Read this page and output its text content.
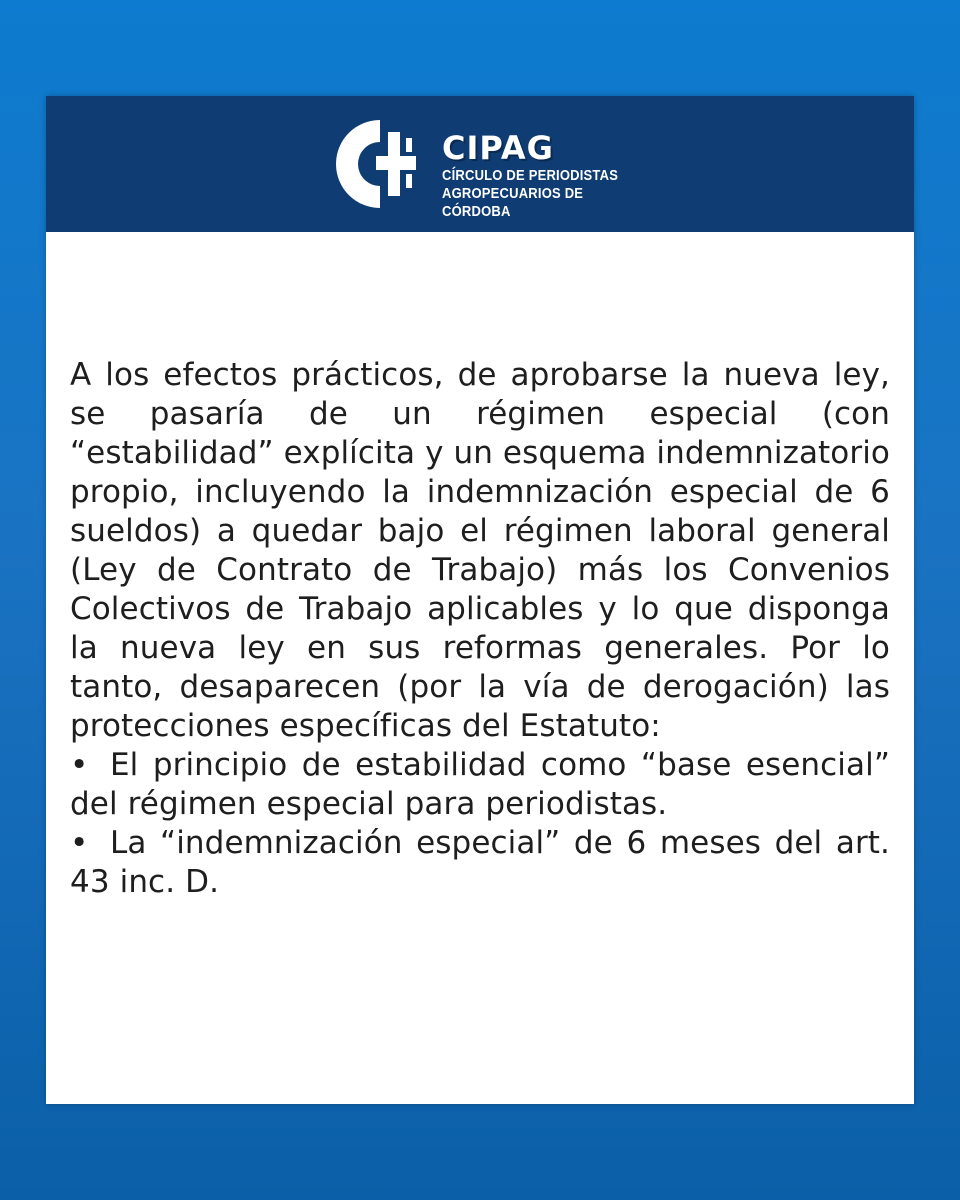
CIPAG
CÍRCULO DE PERIODISTAS
AGROPECUARIOS DE CÓRDOBA

A los efectos prácticos, de aprobarse la nueva ley, se pasaría de un régimen especial (con “estabilidad” explícita y un esquema indemnizatorio propio, incluyendo la indemnización especial de 6 sueldos) a quedar bajo el régimen laboral general (Ley de Contrato de Trabajo) más los Convenios Colectivos de Trabajo aplicables y lo que disponga la nueva ley en sus reformas generales. Por lo tanto, desaparecen (por la vía de derogación) las protecciones específicas del Estatuto:

• El principio de estabilidad como “base esencial” del régimen especial para periodistas.
• La “indemnización especial” de 6 meses del art. 43 inc. D.
